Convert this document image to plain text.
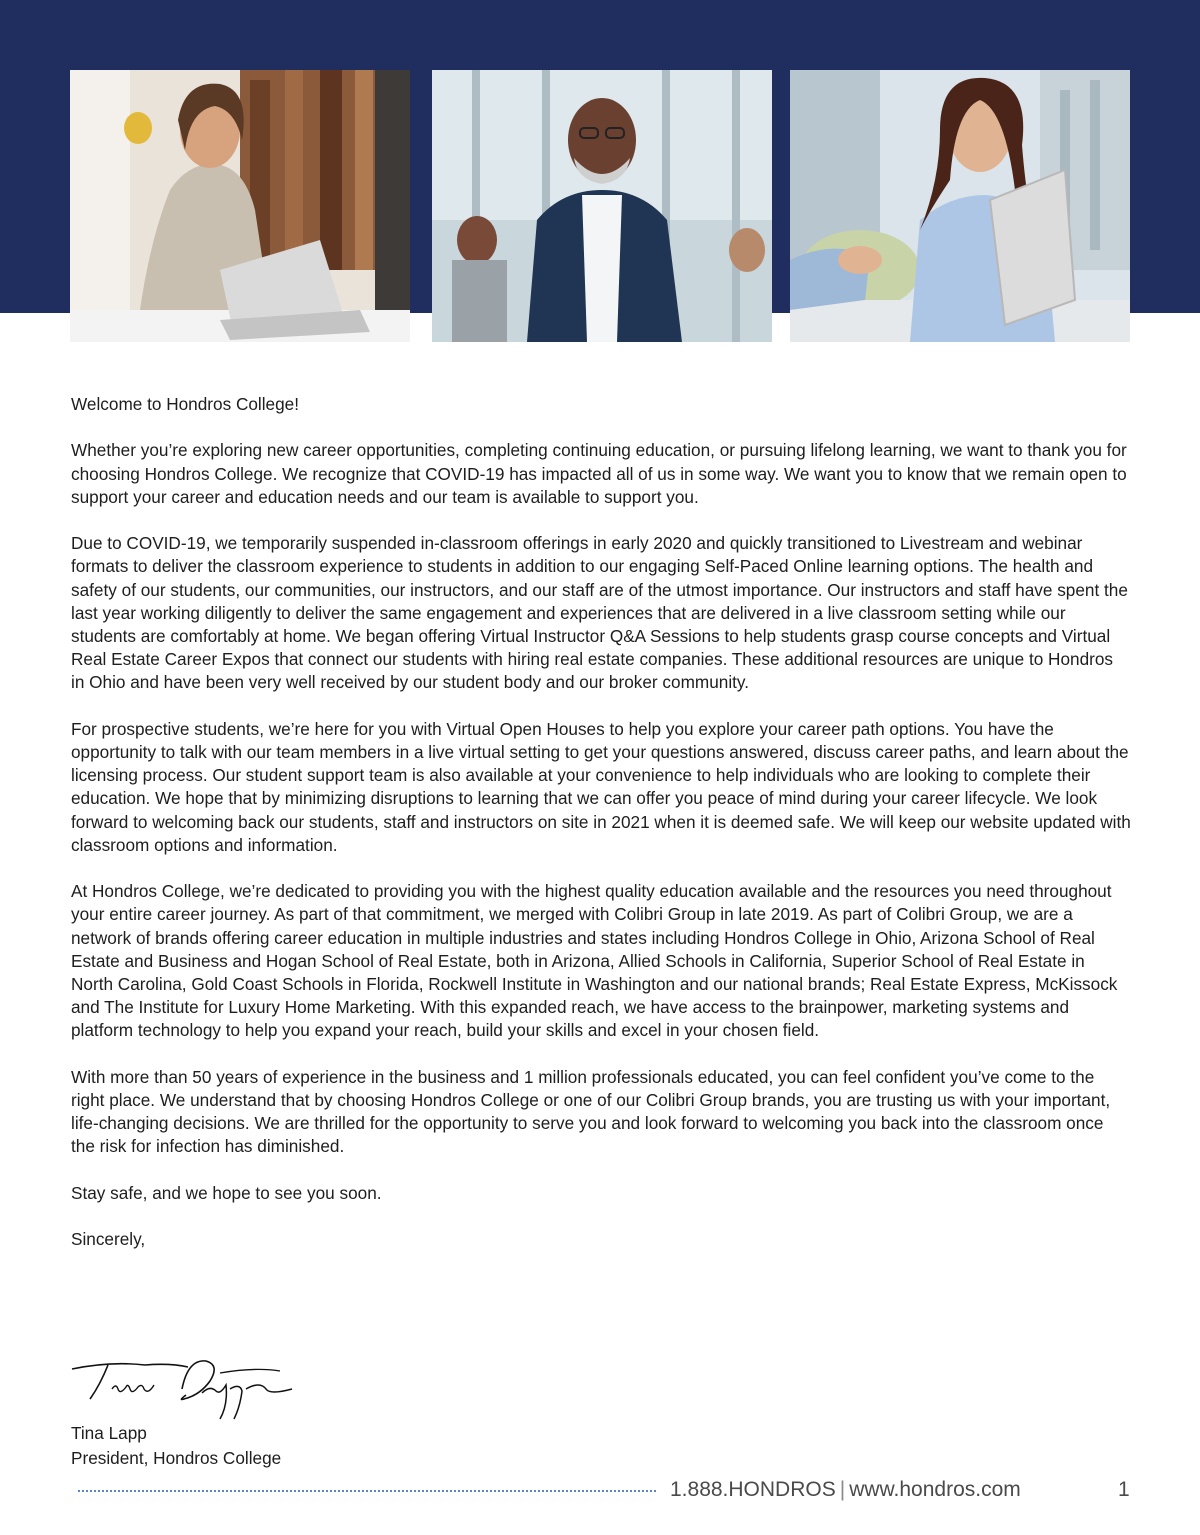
Welcome to Hondros College!

Whether you’re exploring new career opportunities, completing continuing education, or pursuing lifelong learning, we want to thank you for choosing Hondros College. We recognize that COVID-19 has impacted all of us in some way. We want you to know that we remain open to support your career and education needs and our team is available to support you.

Due to COVID-19, we temporarily suspended in-classroom offerings in early 2020 and quickly transitioned to Livestream and webinar formats to deliver the classroom experience to students in addition to our engaging Self-Paced Online learning options. The health and safety of our students, our communities, our instructors, and our staff are of the utmost importance. Our instructors and staff have spent the last year working diligently to deliver the same engagement and experiences that are delivered in a live classroom setting while our students are comfortably at home. We began offering Virtual Instructor Q&A Sessions to help students grasp course concepts and Virtual Real Estate Career Expos that connect our students with hiring real estate companies. These additional resources are unique to Hondros in Ohio and have been very well received by our student body and our broker community.

For prospective students, we’re here for you with Virtual Open Houses to help you explore your career path options. You have the opportunity to talk with our team members in a live virtual setting to get your questions answered, discuss career paths, and learn about the licensing process. Our student support team is also available at your convenience to help individuals who are looking to complete their education. We hope that by minimizing disruptions to learning that we can offer you peace of mind during your career lifecycle. We look forward to welcoming back our students, staff and instructors on site in 2021 when it is deemed safe. We will keep our website updated with classroom options and information.

At Hondros College, we’re dedicated to providing you with the highest quality education available and the resources you need throughout your entire career journey. As part of that commitment, we merged with Colibri Group in late 2019. As part of Colibri Group, we are a network of brands offering career education in multiple industries and states including Hondros College in Ohio, Arizona School of Real Estate and Business and Hogan School of Real Estate, both in Arizona, Allied Schools in California, Superior School of Real Estate in North Carolina, Gold Coast Schools in Florida, Rockwell Institute in Washington and our national brands; Real Estate Express, McKissock and The Institute for Luxury Home Marketing. With this expanded reach, we have access to the brainpower, marketing systems and platform technology to help you expand your reach, build your skills and excel in your chosen field.

With more than 50 years of experience in the business and 1 million professionals educated, you can feel confident you’ve come to the right place. We understand that by choosing Hondros College or one of our Colibri Group brands, you are trusting us with your important, life-changing decisions. We are thrilled for the opportunity to serve you and look forward to welcoming you back into the classroom once the risk for infection has diminished.

Stay safe, and we hope to see you soon.

Sincerely,

Tina Lapp
President, Hondros College
1.888.HONDROS | www.hondros.com	1
